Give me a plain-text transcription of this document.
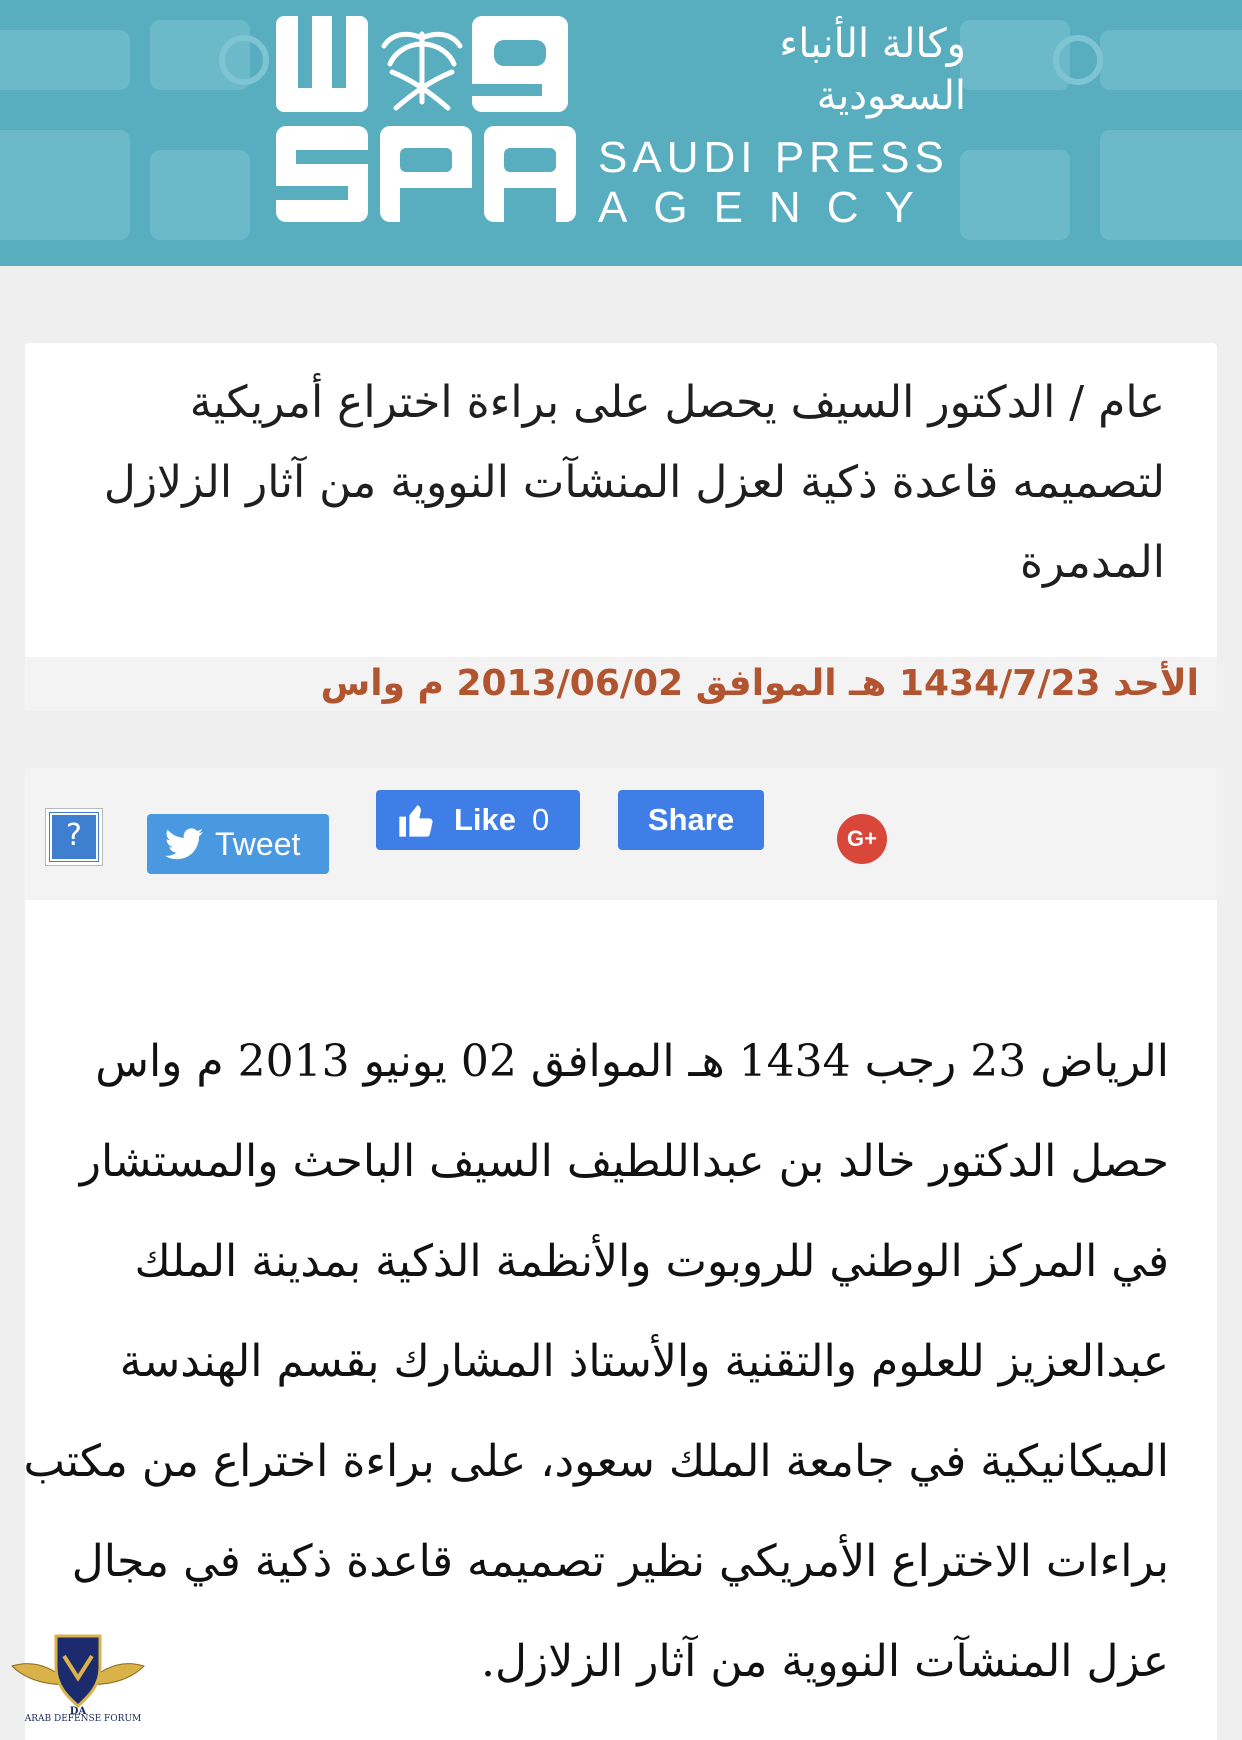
وكالة الأنباء
السعودية
SAUDI PRESS
AGENCY
عام / الدكتور السيف يحصل على براءة اختراع أمريكية لتصميمه قاعدة ذكية لعزل المنشآت النووية من آثار الزلازل المدمرة
الأحد 1434/7/23 هـ الموافق 2013/06/02 م واس
?	Tweet
Like 0	Share
G+
الرياض 23 رجب 1434 هـ الموافق 02 يونيو 2013 م واس
حصل الدكتور خالد بن عبداللطيف السيف الباحث والمستشار
في المركز الوطني للروبوت والأنظمة الذكية بمدينة الملك
عبدالعزيز للعلوم والتقنية والأستاذ المشارك بقسم الهندسة
الميكانيكية في جامعة الملك سعود، على براءة اختراع من مكتب
براءات الاختراع الأمريكي نظير تصميمه قاعدة ذكية في مجال
عزل المنشآت النووية من آثار الزلازل.
DA
ARAB DEFENSE FORUM
